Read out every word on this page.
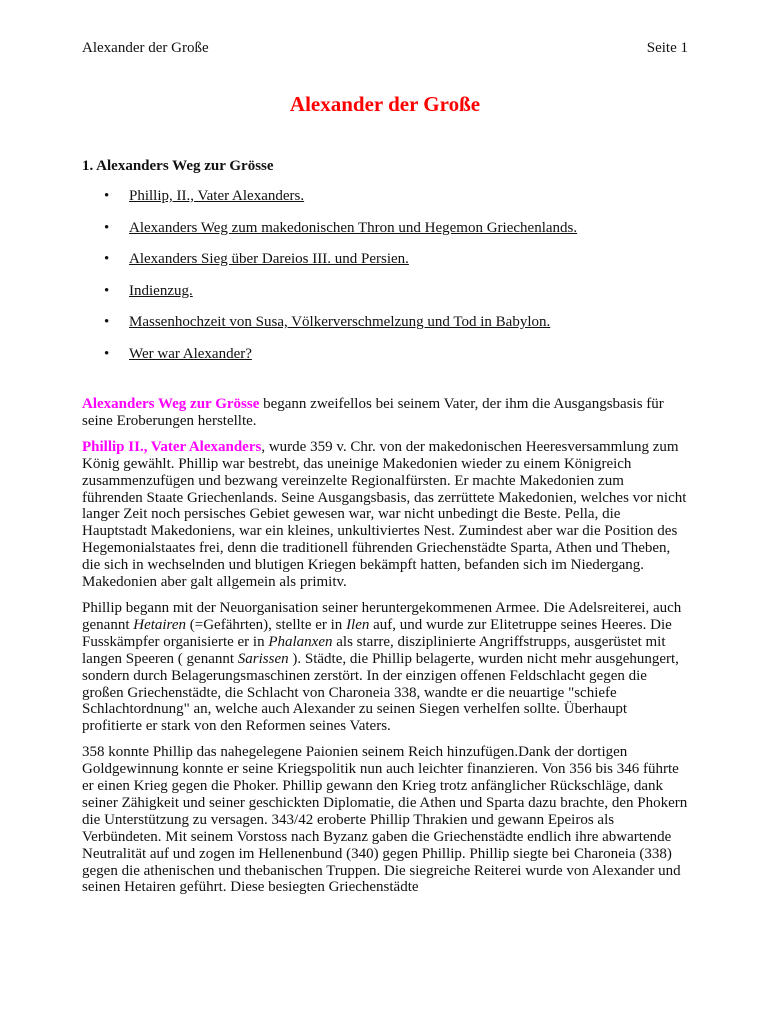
Alexander der Große	Seite 1
Alexander der Große
1. Alexanders Weg zur Grösse
• Phillip, II., Vater Alexanders.
• Alexanders Weg zum makedonischen Thron und Hegemon Griechenlands.
• Alexanders Sieg über Dareios III. und Persien.
• Indienzug.
• Massenhochzeit von Susa, Völkerverschmelzung und Tod in Babylon.
• Wer war Alexander?

Alexanders Weg zur Grösse begann zweifellos bei seinem Vater, der ihm die Ausgangsbasis für seine Eroberungen herstellte.

Phillip II., Vater Alexanders, wurde 359 v. Chr. von der makedonischen Heeresversammlung zum König gewählt. Phillip war bestrebt, das uneinige Makedonien wieder zu einem Königreich zusammenzufügen und bezwang vereinzelte Regionalfürsten. Er machte Makedonien zum führenden Staate Griechenlands. Seine Ausgangsbasis, das zerrüttete Makedonien, welches vor nicht langer Zeit noch persisches Gebiet gewesen war, war nicht unbedingt die Beste. Pella, die Hauptstadt Makedoniens, war ein kleines, unkultiviertes Nest. Zumindest aber war die Position des Hegemonialstaates frei, denn die traditionell führenden Griechenstädte Sparta, Athen und Theben, die sich in wechselnden und blutigen Kriegen bekämpft hatten, befanden sich im Niedergang. Makedonien aber galt allgemein als primitv.

Phillip begann mit der Neuorganisation seiner heruntergekommenen Armee. Die Adelsreiterei, auch genannt Hetairen (=Gefährten), stellte er in Ilen auf, und wurde zur Elitetruppe seines Heeres. Die Fusskämpfer organisierte er in Phalanxen als starre, disziplinierte Angriffstrupps, ausgerüstet mit langen Speeren ( genannt Sarissen ). Städte, die Phillip belagerte, wurden nicht mehr ausgehungert, sondern durch Belagerungsmaschinen zerstört. In der einzigen offenen Feldschlacht gegen die großen Griechenstädte, die Schlacht von Charoneia 338, wandte er die neuartige "schiefe Schlachtordnung" an, welche auch Alexander zu seinen Siegen verhelfen sollte. Überhaupt profitierte er stark von den Reformen seines Vaters.

358 konnte Phillip das nahegelegene Paionien seinem Reich hinzufügen.Dank der dortigen Goldgewinnung konnte er seine Kriegspolitik nun auch leichter finanzieren. Von 356 bis 346 führte er einen Krieg gegen die Phoker. Phillip gewann den Krieg trotz anfänglicher Rückschläge, dank seiner Zähigkeit und seiner geschickten Diplomatie, die Athen und Sparta dazu brachte, den Phokern die Unterstützung zu versagen. 343/42 eroberte Phillip Thrakien und gewann Epeiros als Verbündeten. Mit seinem Vorstoss nach Byzanz gaben die Griechenstädte endlich ihre abwartende Neutralität auf und zogen im Hellenenbund (340) gegen Phillip. Phillip siegte bei Charoneia (338) gegen die athenischen und thebanischen Truppen. Die siegreiche Reiterei wurde von Alexander und seinen Hetairen geführt. Diese besiegten Griechenstädte
